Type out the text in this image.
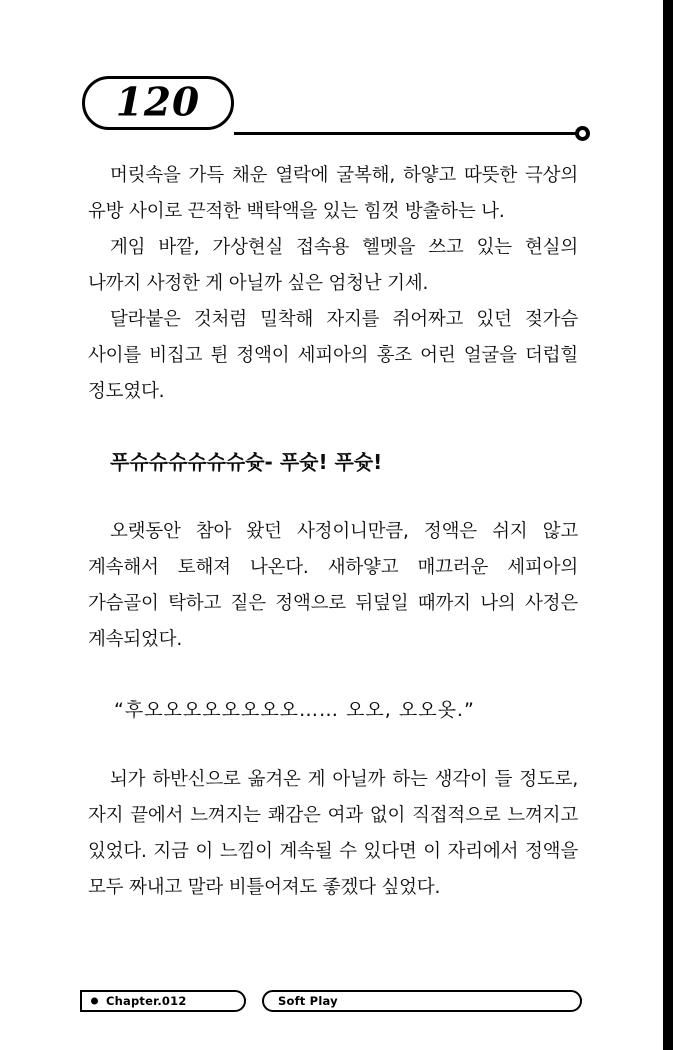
120

머릿속을 가득 채운 열락에 굴복해, 하얗고 따뜻한 극상의 유방 사이로 끈적한 백탁액을 있는 힘껏 방출하는 나.

게임 바깥, 가상현실 접속용 헬멧을 쓰고 있는 현실의 나까지 사정한 게 아닐까 싶은 엄청난 기세.

달라붙은 것처럼 밀착해 자지를 쥐어짜고 있던 젖가슴 사이를 비집고 튄 정액이 세피아의 홍조 어린 얼굴을 더럽힐 정도였다.

푸슈슈슈슈슈슈슛- 푸슛! 푸슛!

오랫동안 참아 왔던 사정이니만큼, 정액은 쉬지 않고 계속해서 토해져 나온다. 새하얗고 매끄러운 세피아의 가슴골이 탁하고 짙은 정액으로 뒤덮일 때까지 나의 사정은 계속되었다.

“후오오오오오오오오…… 오오, 오오옷.”

뇌가 하반신으로 옮겨온 게 아닐까 하는 생각이 들 정도로, 자지 끝에서 느껴지는 쾌감은 여과 없이 직접적으로 느껴지고 있었다. 지금 이 느낌이 계속될 수 있다면 이 자리에서 정액을 모두 짜내고 말라 비틀어져도 좋겠다 싶었다.

Chapter.012	Soft Play
